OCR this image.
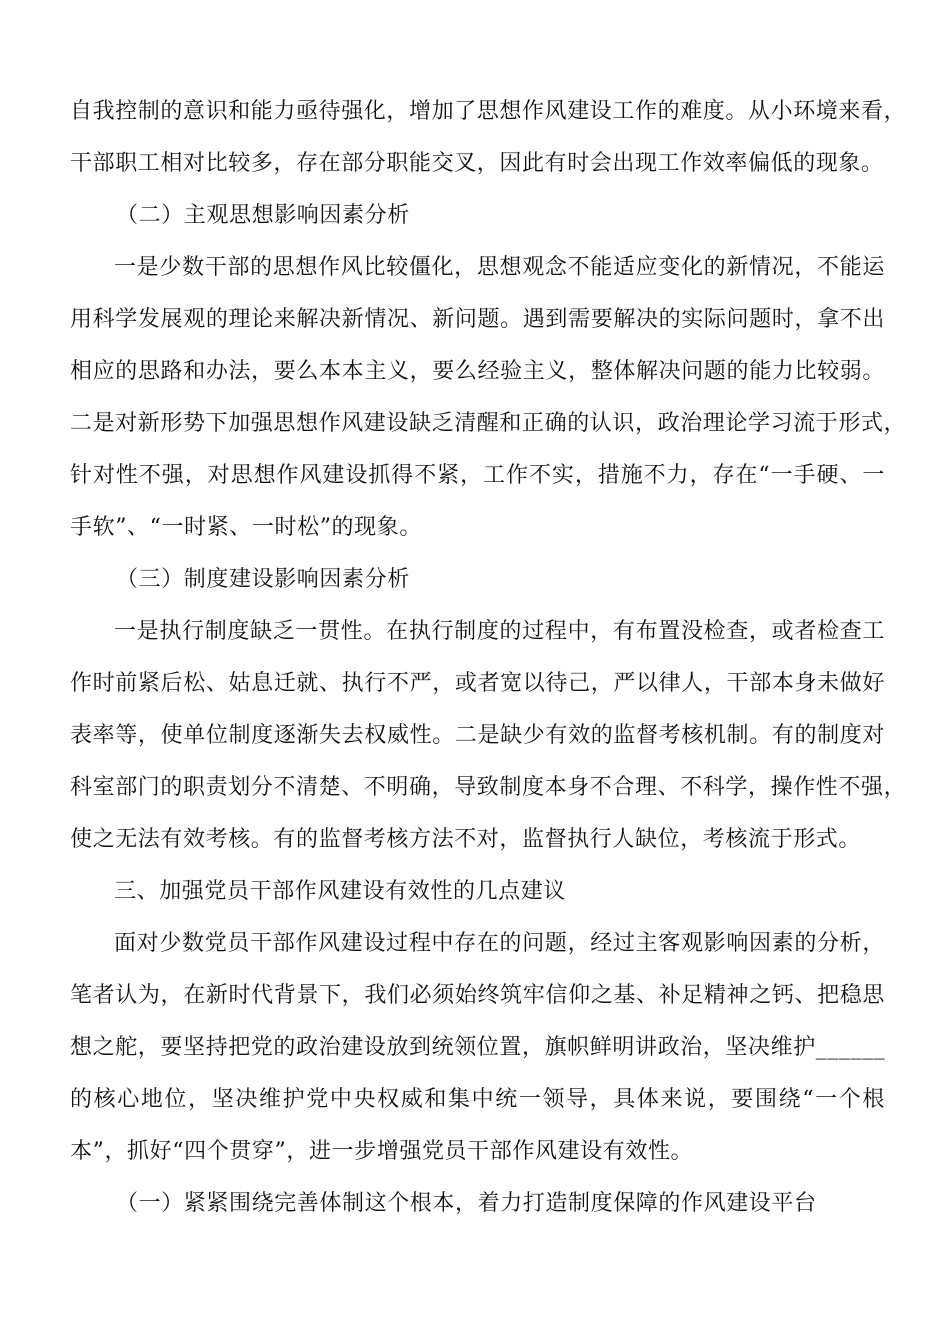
自我控制的意识和能力亟待强化，增加了思想作风建设工作的难度。从小环境来看，
干部职工相对比较多，存在部分职能交叉，因此有时会出现工作效率偏低的现象。
（二）主观思想影响因素分析
一是少数干部的思想作风比较僵化，思想观念不能适应变化的新情况，不能运
用科学发展观的理论来解决新情况、新问题。遇到需要解决的实际问题时，拿不出
相应的思路和办法，要么本本主义，要么经验主义，整体解决问题的能力比较弱。
二是对新形势下加强思想作风建设缺乏清醒和正确的认识，政治理论学习流于形式，
针对性不强，对思想作风建设抓得不紧，工作不实，措施不力，存在“一手硬、一
手软”、“一时紧、一时松”的现象。
（三）制度建设影响因素分析
一是执行制度缺乏一贯性。在执行制度的过程中，有布置没检查，或者检查工
作时前紧后松、姑息迁就、执行不严，或者宽以待己，严以律人，干部本身未做好
表率等，使单位制度逐渐失去权威性。二是缺少有效的监督考核机制。有的制度对
科室部门的职责划分不清楚、不明确，导致制度本身不合理、不科学，操作性不强，
使之无法有效考核。有的监督考核方法不对，监督执行人缺位，考核流于形式。
三、加强党员干部作风建设有效性的几点建议
面对少数党员干部作风建设过程中存在的问题，经过主客观影响因素的分析，
笔者认为，在新时代背景下，我们必须始终筑牢信仰之基、补足精神之钙、把稳思
想之舵，要坚持把党的政治建设放到统领位置，旗帜鲜明讲政治，坚决维护______
的核心地位，坚决维护党中央权威和集中统一领导，具体来说，要围绕“一个根
本”，抓好“四个贯穿”，进一步增强党员干部作风建设有效性。
（一）紧紧围绕完善体制这个根本，着力打造制度保障的作风建设平台
